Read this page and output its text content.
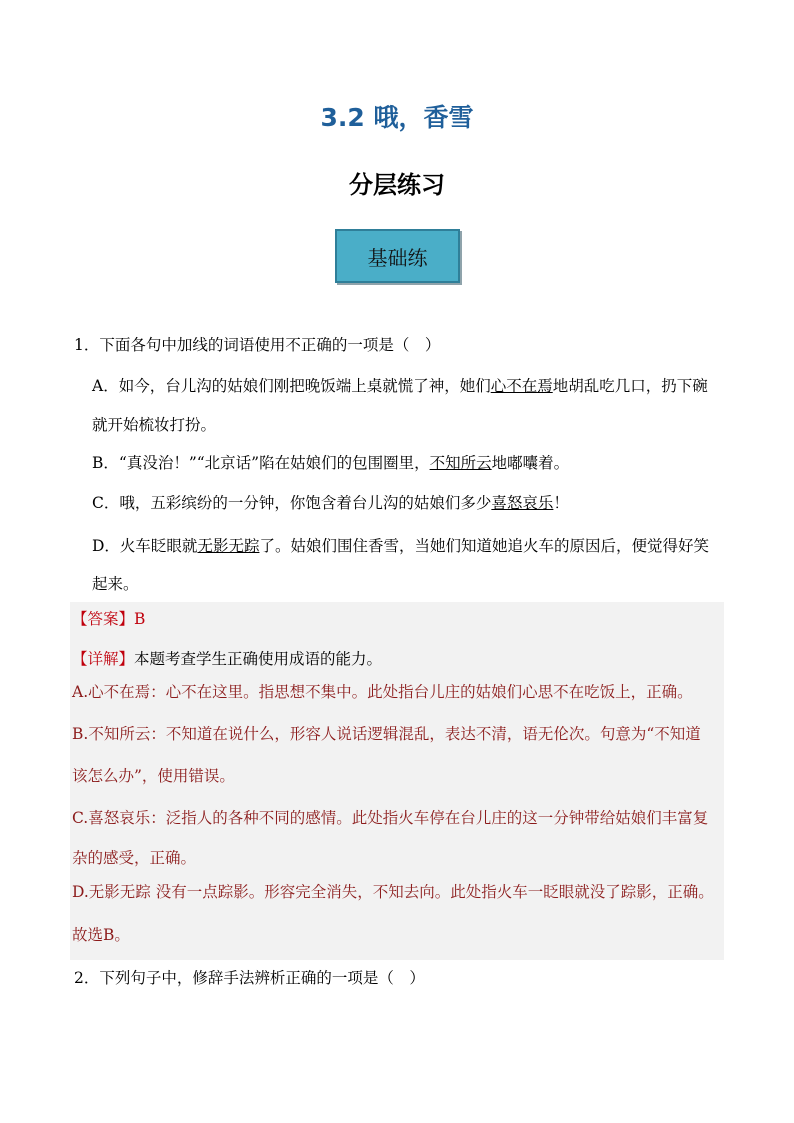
3.2 哦，香雪
分层练习
基础练
1．下面各句中加线的词语使用不正确的一项是（　）
A．如今，台儿沟的姑娘们刚把晚饭端上桌就慌了神，她们心不在焉地胡乱吃几口，扔下碗
就开始梳妆打扮。
B．“真没治！”“北京话”陷在姑娘们的包围圈里，不知所云地嘟囔着。
C．哦，五彩缤纷的一分钟，你饱含着台儿沟的姑娘们多少喜怒哀乐！
D．火车眨眼就无影无踪了。姑娘们围住香雪，当她们知道她追火车的原因后，便觉得好笑
起来。
【答案】B
【详解】本题考查学生正确使用成语的能力。
A.心不在焉：心不在这里。指思想不集中。此处指台儿庄的姑娘们心思不在吃饭上，正确。
B.不知所云：不知道在说什么，形容人说话逻辑混乱，表达不清，语无伦次。句意为“不知道
该怎么办”，使用错误。
C.喜怒哀乐：泛指人的各种不同的感情。此处指火车停在台儿庄的这一分钟带给姑娘们丰富复
杂的感受，正确。
D.无影无踪 没有一点踪影。形容完全消失，不知去向。此处指火车一眨眼就没了踪影，正确。
故选B。
2．下列句子中，修辞手法辨析正确的一项是（　）
